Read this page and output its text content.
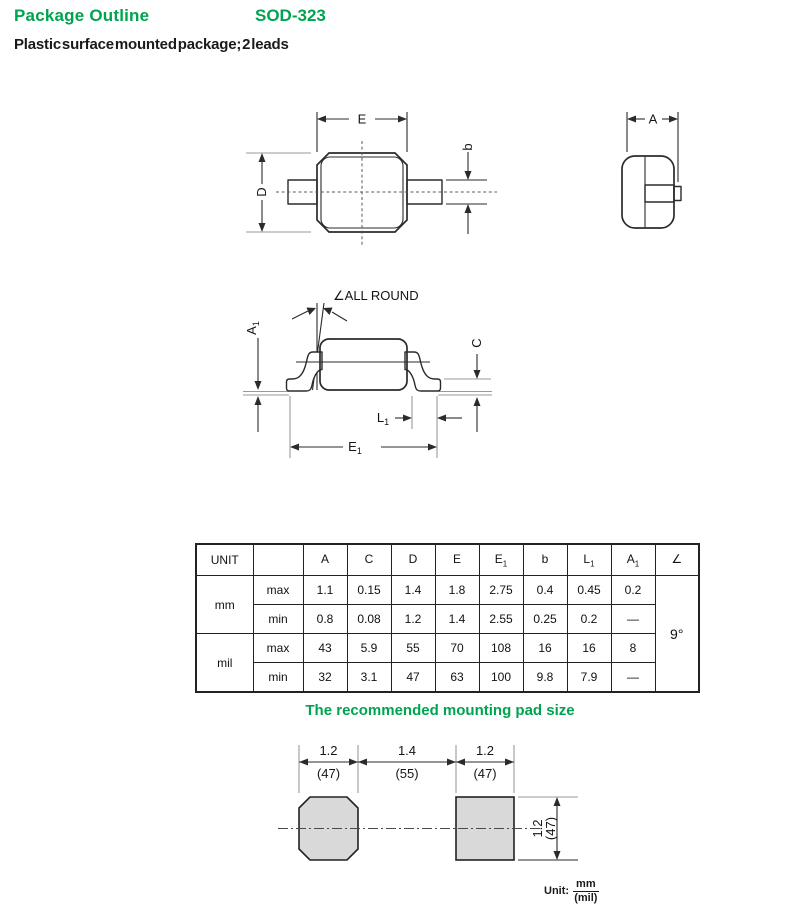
Package Outline	SOD-323
Plastic surface mounted package; 2 leads
E
D
b
A
∠ALL ROUND
$A_1$
C
$L_1$
$E_1$
UNIT		A	C	D	E	$E_1$	b	$L_1$	$A_1$	∠
mm	max	1.1	0.15	1.4	1.8	2.75	0.4	0.45	0.2	9°
	min	0.8	0.08	1.2	1.4	2.55	0.25	0.2	—	
mil	max	43	5.9	55	70	108	16	16	8	
	min	32	3.1	47	63	100	9.8	7.9	—	
The recommended mounting pad size
1.2
(47)
1.4
(55)
1.2
(47)
1.2
(47)
Unit: $\frac{mm}{\text{(mil)}}$
